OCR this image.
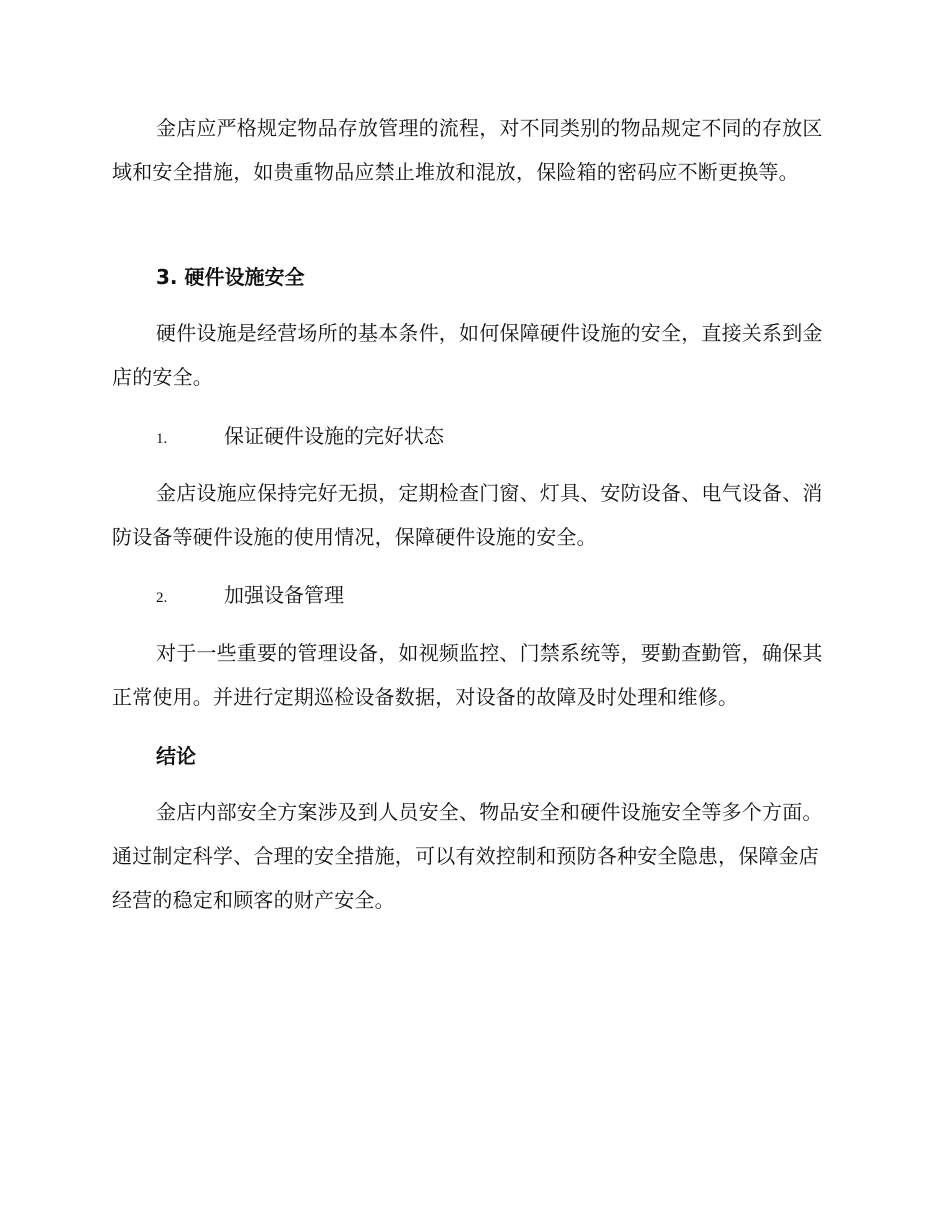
金店应严格规定物品存放管理的流程，对不同类别的物品规定不同的存放区域和安全措施，如贵重物品应禁止堆放和混放，保险箱的密码应不断更换等。

3. 硬件设施安全

硬件设施是经营场所的基本条件，如何保障硬件设施的安全，直接关系到金店的安全。

1.	保证硬件设施的完好状态

金店设施应保持完好无损，定期检查门窗、灯具、安防设备、电气设备、消防设备等硬件设施的使用情况，保障硬件设施的安全。

2.	加强设备管理

对于一些重要的管理设备，如视频监控、门禁系统等，要勤查勤管，确保其正常使用。并进行定期巡检设备数据，对设备的故障及时处理和维修。

结论

金店内部安全方案涉及到人员安全、物品安全和硬件设施安全等多个方面。通过制定科学、合理的安全措施，可以有效控制和预防各种安全隐患，保障金店经营的稳定和顾客的财产安全。
